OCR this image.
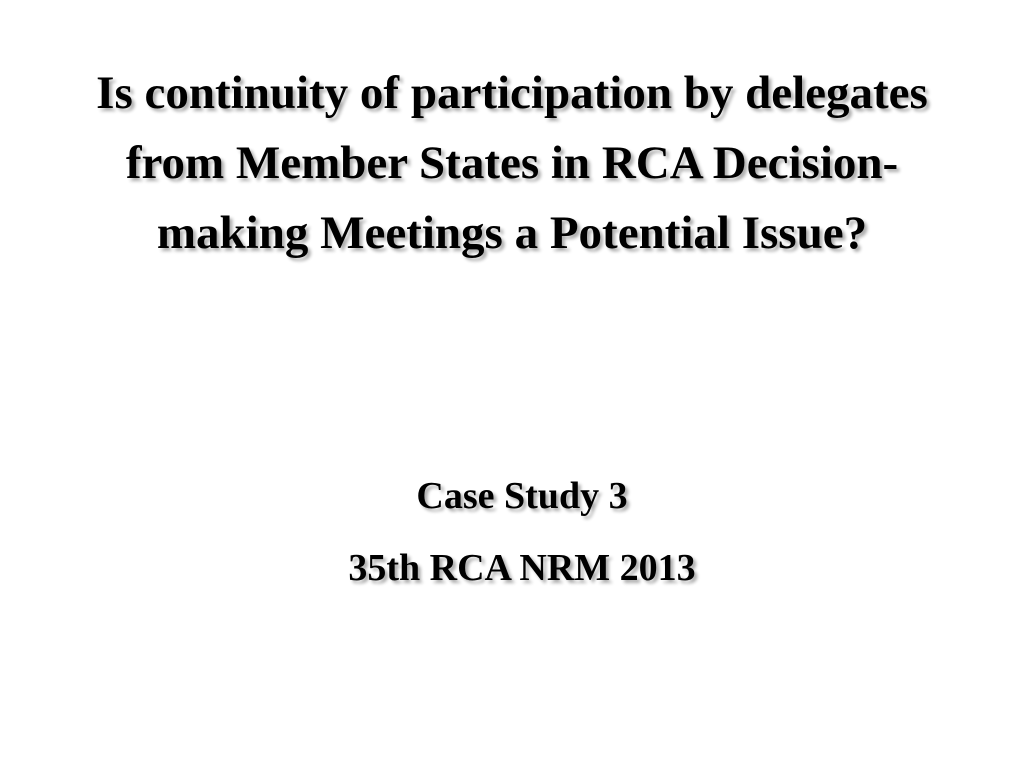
Is continuity of participation by delegates from Member States in RCA Decision-making Meetings a Potential Issue?
Case Study 3
35th RCA NRM 2013
